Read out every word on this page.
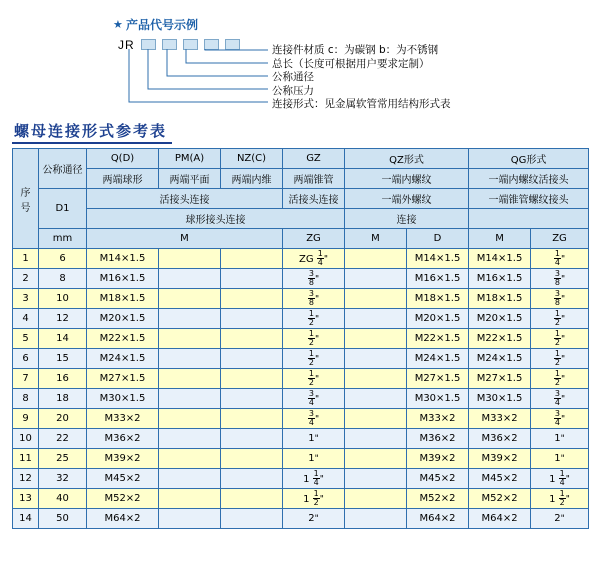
★ 产品代号示例
JR	连接件材质 c：为碳钢 b：为不锈钢
总长（长度可根据用户要求定制）
公称通径
公称压力
连接形式：见金属软管常用结构形式表
螺母连接形式参考表
序
号	公称通径	Q(D)	PM(A)	NZ(C)	GZ	QZ形式		QG形式	
		两端球形	两端平面	两端内维	两端锥管	一端内螺纹		一端内螺纹活接头	
	D1	活接头连接			活接头连接	一端外螺纹		一端锥管螺纹接头	
		球形接头连接				连接			
	mm	M			ZG	M	D	M	ZG
1	6	M14×1.5			ZG $\frac{1}{4}$ "		M14×1.5	M14×1.5	$\frac{1}{4}$ "
2	8	M16×1.5			$\frac{3}{8}$ "		M16×1.5	M16×1.5	$\frac{3}{8}$ "
3	10	M18×1.5			$\frac{3}{8}$ "		M18×1.5	M18×1.5	$\frac{3}{8}$ "
4	12	M20×1.5			$\frac{1}{2}$ "		M20×1.5	M20×1.5	$\frac{1}{2}$ "
5	14	M22×1.5			$\frac{1}{2}$ "		M22×1.5	M22×1.5	$\frac{1}{2}$ "
6	15	M24×1.5			$\frac{1}{2}$ "		M24×1.5	M24×1.5	$\frac{1}{2}$ "
7	16	M27×1.5			$\frac{1}{2}$ "		M27×1.5	M27×1.5	$\frac{1}{2}$ "
8	18	M30×1.5			$\frac{3}{4}$ "		M30×1.5	M30×1.5	$\frac{3}{4}$ "
9	20	M33×2			$\frac{3}{4}$ "		M33×2	M33×2	$\frac{3}{4}$ "
10	22	M36×2			1"		M36×2	M36×2	1"
11	25	M39×2			1"		M39×2	M39×2	1"
12	32	M45×2			$1 \frac{1}{4}$ "		M45×2	M45×2	$1 \frac{1}{4}$ "
13	40	M52×2			$1 \frac{1}{2}$ "		M52×2	M52×2	$1 \frac{1}{2}$ "
14	50	M64×2			2"		M64×2	M64×2	2"
